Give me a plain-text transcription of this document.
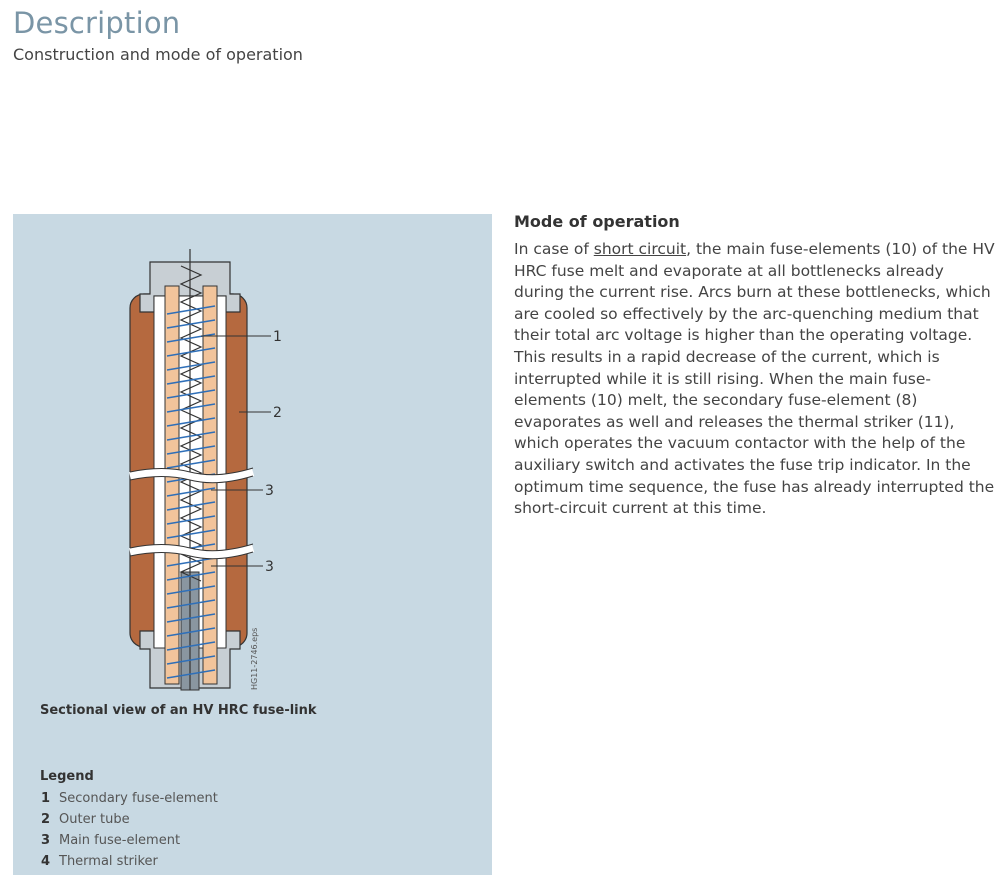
Description
Construction and mode of operation
1
2
3
3
HG11-2746.eps
Sectional view of an HV HRC fuse-link
Legend
1 Secondary fuse-element
2 Outer tube
3 Main fuse-element
4 Thermal striker
Mode of operation

In case of short circuit, the main fuse-elements (10) of the HV HRC fuse melt and evaporate at all bottlenecks already during the current rise. Arcs burn at these bottlenecks, which are cooled so effectively by the arc-quenching medium that their total arc voltage is higher than the operating voltage. This results in a rapid decrease of the current, which is interrupted while it is still rising. When the main fuse-elements (10) melt, the secondary fuse-element (8) evaporates as well and releases the thermal striker (11), which operates the vacuum contactor with the help of the auxiliary switch and activates the fuse trip indicator. In the optimum time sequence, the fuse has already interrupted the short-circuit current at this time.
